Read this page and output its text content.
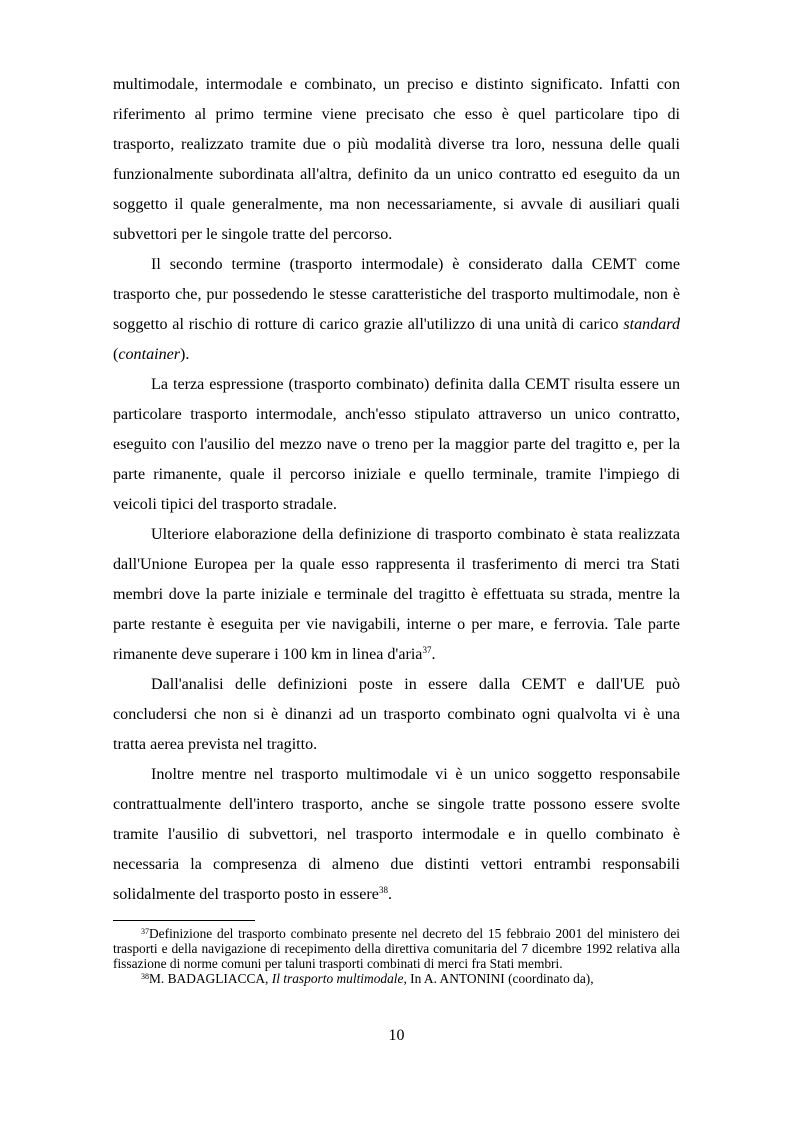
multimodale, intermodale e combinato, un preciso e distinto significato. Infatti con riferimento al primo termine viene precisato che esso è quel particolare tipo di trasporto, realizzato tramite due o più modalità diverse tra loro, nessuna delle quali funzionalmente subordinata all'altra, definito da un unico contratto ed eseguito da un soggetto il quale generalmente, ma non necessariamente, si avvale di ausiliari quali subvettori per le singole tratte del percorso.

Il secondo termine (trasporto intermodale) è considerato dalla CEMT come trasporto che, pur possedendo le stesse caratteristiche del trasporto multimodale, non è soggetto al rischio di rotture di carico grazie all'utilizzo di una unità di carico standard (container).

La terza espressione (trasporto combinato) definita dalla CEMT risulta essere un particolare trasporto intermodale, anch'esso stipulato attraverso un unico contratto, eseguito con l'ausilio del mezzo nave o treno per la maggior parte del tragitto e, per la parte rimanente, quale il percorso iniziale e quello terminale, tramite l'impiego di veicoli tipici del trasporto stradale.

Ulteriore elaborazione della definizione di trasporto combinato è stata realizzata dall'Unione Europea per la quale esso rappresenta il trasferimento di merci tra Stati membri dove la parte iniziale e terminale del tragitto è effettuata su strada, mentre la parte restante è eseguita per vie navigabili, interne o per mare, e ferrovia. Tale parte rimanente deve superare i 100 km in linea d'aria$^{37}$.

Dall'analisi delle definizioni poste in essere dalla CEMT e dall'UE può concludersi che non si è dinanzi ad un trasporto combinato ogni qualvolta vi è una tratta aerea prevista nel tragitto.

Inoltre mentre nel trasporto multimodale vi è un unico soggetto responsabile contrattualmente dell'intero trasporto, anche se singole tratte possono essere svolte tramite l'ausilio di subvettori, nel trasporto intermodale e in quello combinato è necessaria la compresenza di almeno due distinti vettori entrambi responsabili solidalmente del trasporto posto in essere$^{38}$.

$^{37}$Definizione del trasporto combinato presente nel decreto del 15 febbraio 2001 del ministero dei trasporti e della navigazione di recepimento della direttiva comunitaria del 7 dicembre 1992 relativa alla fissazione di norme comuni per taluni trasporti combinati di merci fra Stati membri.

$^{38}$M. BADAGLIACCA, Il trasporto multimodale, In A. ANTONINI (coordinato da),

10
